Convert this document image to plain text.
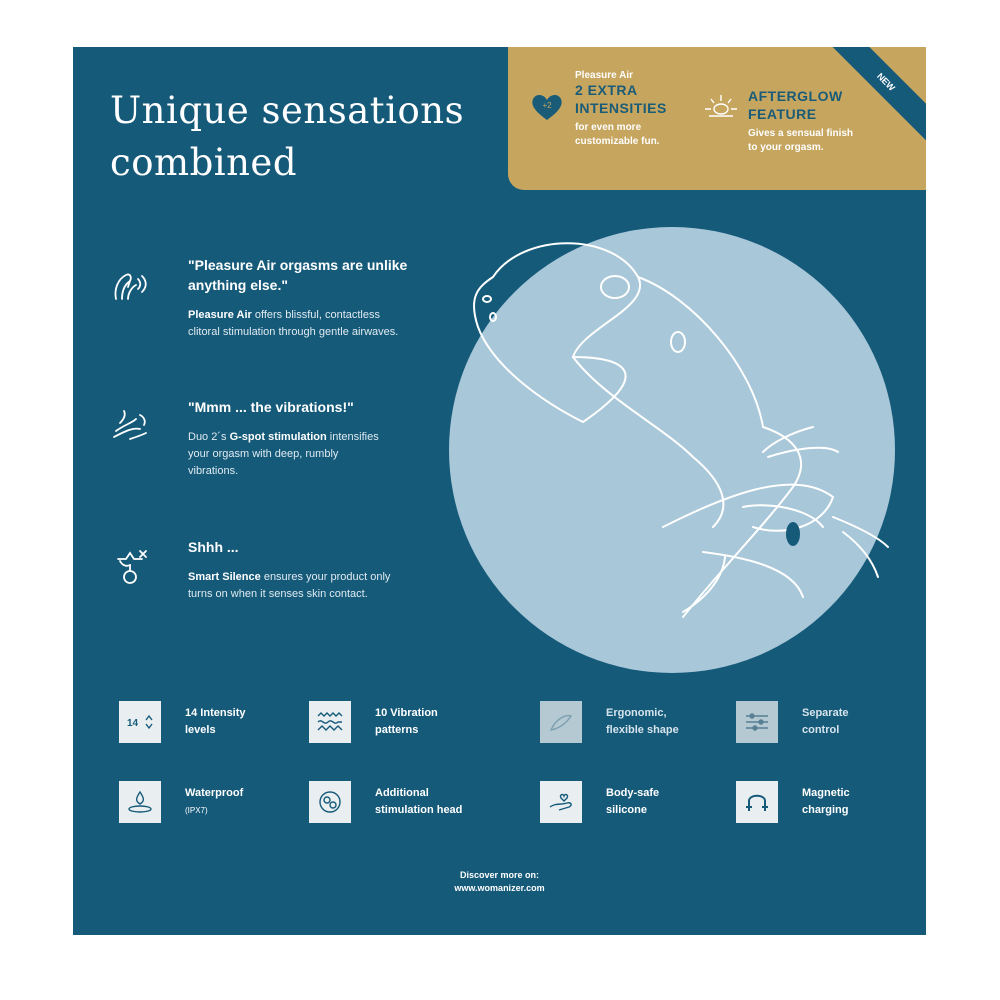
Unique sensations
combined
NEW
+2
Pleasure Air
2 EXTRA
INTENSITIES
for even more
customizable fun.
AFTERGLOW
FEATURE
Gives a sensual finish
to your orgasm.
"Pleasure Air orgasms are unlike
anything else."

Pleasure Air offers blissful, contactless
clitoral stimulation through gentle airwaves.

"Mmm ... the vibrations!"

Duo 2´s G-spot stimulation intensifies
your orgasm with deep, rumbly
vibrations.

Shhh ...

Smart Silence ensures your product only
turns on when it senses skin contact.

14
14 Intensity
levels
10 Vibration
patterns
Ergonomic,
flexible shape
Separate
control
Waterproof
(IPX7)
Additional
stimulation head
Body-safe
silicone
Magnetic
charging
Discover more on:
www.womanizer.com
